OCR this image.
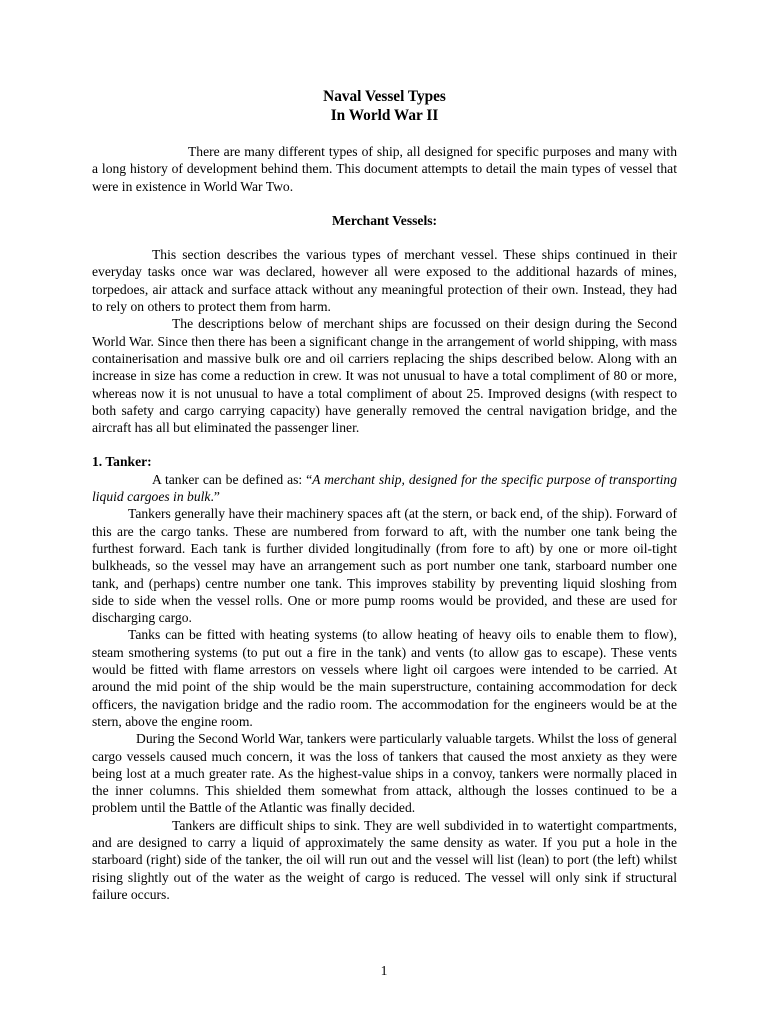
Naval Vessel Types

In World War II

There are many different types of ship, all designed for specific purposes and many with a long history of development behind them. This document attempts to detail the main types of vessel that were in existence in World War Two.

Merchant Vessels:

This section describes the various types of merchant vessel. These ships continued in their everyday tasks once war was declared, however all were exposed to the additional hazards of mines, torpedoes, air attack and surface attack without any meaningful protection of their own. Instead, they had to rely on others to protect them from harm.

The descriptions below of merchant ships are focussed on their design during the Second World War. Since then there has been a significant change in the arrangement of world shipping, with mass containerisation and massive bulk ore and oil carriers replacing the ships described below. Along with an increase in size has come a reduction in crew. It was not unusual to have a total compliment of 80 or more, whereas now it is not unusual to have a total compliment of about 25. Improved designs (with respect to both safety and cargo carrying capacity) have generally removed the central navigation bridge, and the aircraft has all but eliminated the passenger liner.

1. Tanker:

A tanker can be defined as: “A merchant ship, designed for the specific purpose of transporting liquid cargoes in bulk.”

Tankers generally have their machinery spaces aft (at the stern, or back end, of the ship). Forward of this are the cargo tanks. These are numbered from forward to aft, with the number one tank being the furthest forward. Each tank is further divided longitudinally (from fore to aft) by one or more oil-tight bulkheads, so the vessel may have an arrangement such as port number one tank, starboard number one tank, and (perhaps) centre number one tank. This improves stability by preventing liquid sloshing from side to side when the vessel rolls. One or more pump rooms would be provided, and these are used for discharging cargo.

Tanks can be fitted with heating systems (to allow heating of heavy oils to enable them to flow), steam smothering systems (to put out a fire in the tank) and vents (to allow gas to escape). These vents would be fitted with flame arrestors on vessels where light oil cargoes were intended to be carried. At around the mid point of the ship would be the main superstructure, containing accommodation for deck officers, the navigation bridge and the radio room. The accommodation for the engineers would be at the stern, above the engine room.

During the Second World War, tankers were particularly valuable targets. Whilst the loss of general cargo vessels caused much concern, it was the loss of tankers that caused the most anxiety as they were being lost at a much greater rate. As the highest-value ships in a convoy, tankers were normally placed in the inner columns. This shielded them somewhat from attack, although the losses continued to be a problem until the Battle of the Atlantic was finally decided.

Tankers are difficult ships to sink. They are well subdivided in to watertight compartments, and are designed to carry a liquid of approximately the same density as water. If you put a hole in the starboard (right) side of the tanker, the oil will run out and the vessel will list (lean) to port (the left) whilst rising slightly out of the water as the weight of cargo is reduced. The vessel will only sink if structural failure occurs.

1
